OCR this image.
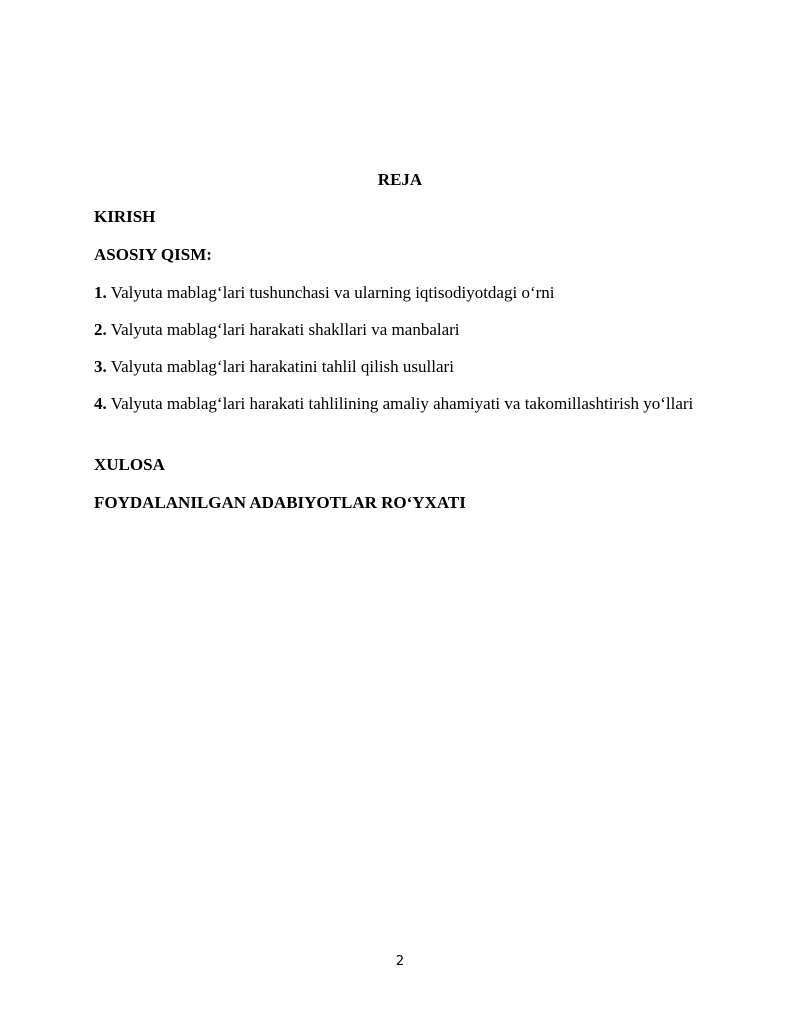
REJA
KIRISH
ASOSIY QISM:
1. Valyuta mablag‘lari tushunchasi va ularning iqtisodiyotdagi o‘rni
2. Valyuta mablag‘lari harakati shakllari va manbalari
3. Valyuta mablag‘lari harakatini tahlil qilish usullari
4. Valyuta mablag‘lari harakati tahlilining amaliy ahamiyati va takomillashtirish yo‘llari
XULOSA
FOYDALANILGAN ADABIYOTLAR RO‘YXATI
2
